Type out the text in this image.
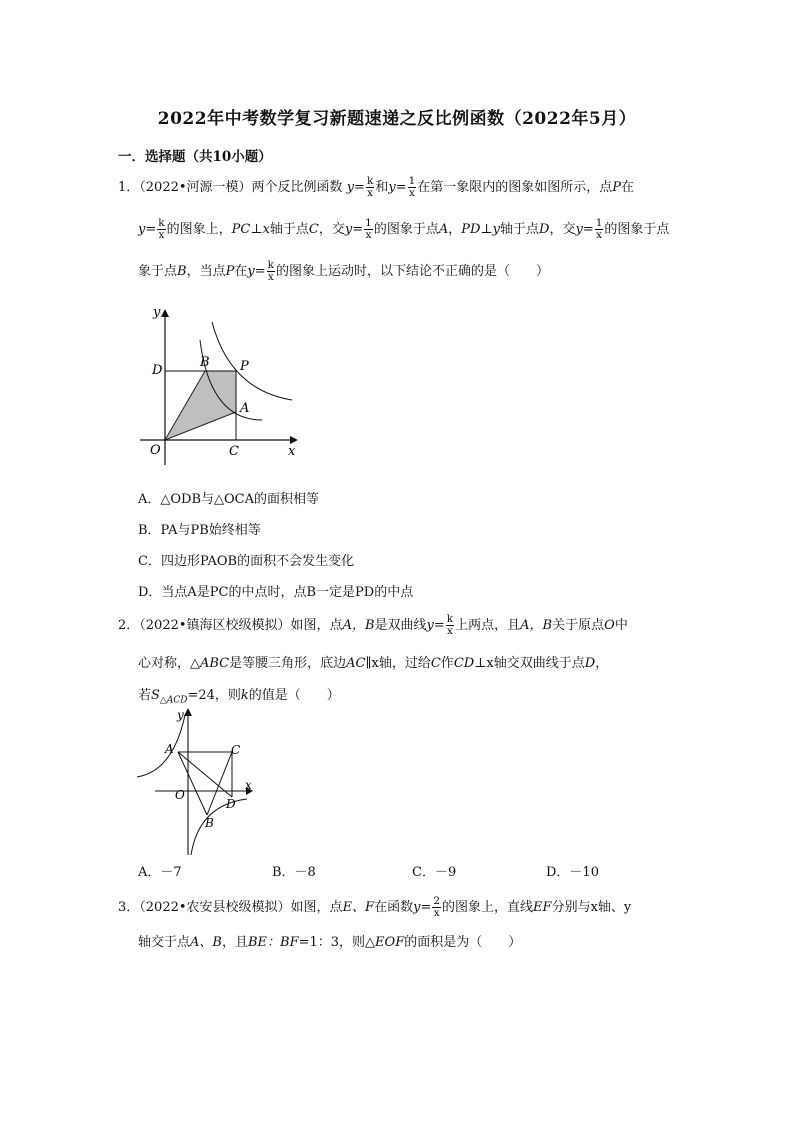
2022年中考数学复习新题速递之反比例函数（2022年5月）
一．选择题（共10小题）
1．（2022•河源一模）两个反比例函数 $y= \frac{k}{x}$ 和$y= \frac{1}{x}$ 在第一象限内的图象如图所示，点P在
$y= \frac{k}{x}$ 的图象上，PC⊥x轴于点C，交$y= \frac{1}{x}$ 的图象于点A，PD⊥y轴于点D，交$y= \frac{1}{x}$ 的图象于点
象于点B，当点P在$y= \frac{k}{x}$ 的图象上运动时，以下结论不正确的是（　　）
y
x
O	C
D
B P
A
A．△ODB与△OCA的面积相等
B．PA与PB始终相等
C．四边形PAOB的面积不会发生变化
D．当点A是PC的中点时，点B一定是PD的中点
2．（2022•镇海区校级模拟）如图，点A，B是双曲线$y= \frac{k}{x}$ 上两点，且A，B关于原点O中
心对称，△ABC是等腰三角形，底边AC∥x轴，过给C作CD⊥x轴交双曲线于点D，
若$S_{\triangle ACD}=24$，则k的值是（　　）
y
x
A	C
O
D
B
A．－7	B．－8	C．－9	D．－10
3．（2022•农安县校级模拟）如图，点E、F在函数$y= \frac{2}{x}$ 的图象上，直线EF分别与x轴、y
轴交于点A、B，且BE：BF=1：3，则△EOF的面积是为（　　）
